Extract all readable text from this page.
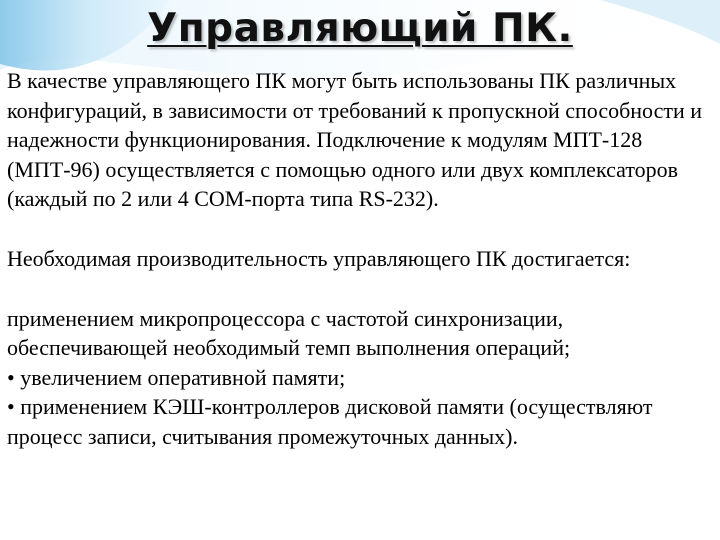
Управляющий ПК.

В качестве управляющего ПК могут быть использованы ПК различных конфигураций, в зависимости от требований к пропускной способности и надежности функционирования. Подключение к модулям МПТ-128 (МПТ-96) осуществляется с помощью одного или двух комплексаторов (каждый по 2 или 4 СОМ-порта типа RS-232).

Необходимая производительность управляющего ПК достигается:

применением микропроцессора с частотой синхронизации, обеспечивающей необходимый темп выполнения операций;

• увеличением оперативной памяти;

• применением КЭШ-контроллеров дисковой памяти (осуществляют процесс записи, считывания промежуточных данных).
